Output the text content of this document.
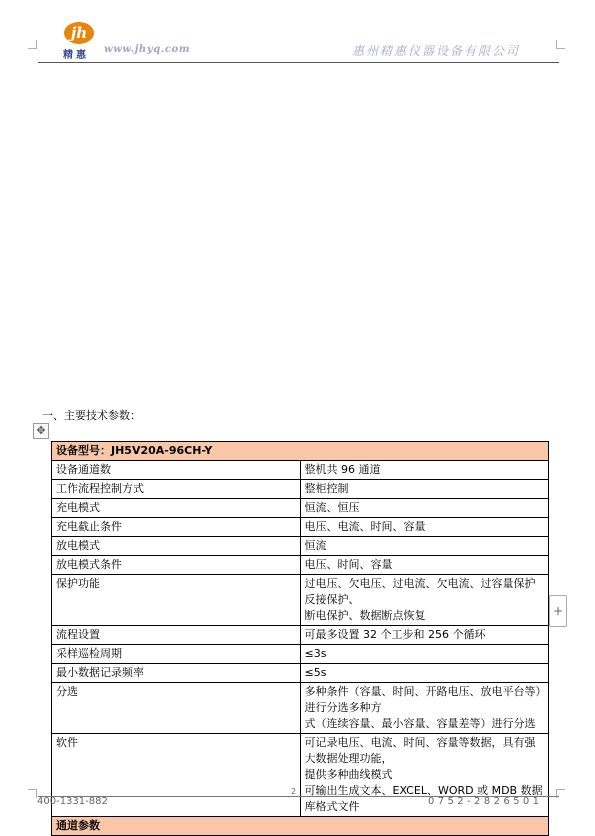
jh
精惠
www.jhyq.com	惠州精惠仪器设备有限公司
一、主要技术参数：
✥
设备型号：JH5V20A-96CH-Y	
设备通道数	整机共 96 通道

工作流程控制方式	整柜控制

充电模式	恒流、恒压

充电截止条件	电压、电流、时间、容量

放电模式	恒流

放电模式条件	电压、时间、容量

保护功能	过电压、欠电压、过电流、欠电流、过容量保护反接保护、
断电保护、数据断点恢复

流程设置	可最多设置 32 个工步和 256 个循环

采样巡检周期	≤3s

最小数据记录频率	≤5s

分选	多种条件（容量、时间、开路电压、放电平台等）进行分选多种方
式（连续容量、最小容量、容量差等）进行分选

软件	可记录电压、电流、时间、容量等数据，具有强大数据处理功能，
提供多种曲线模式
可输出生成文本、EXCEL、WORD 或 MDB 数据库格式文件

通道参数	
+
2
400-1331-882	0752-2826501
